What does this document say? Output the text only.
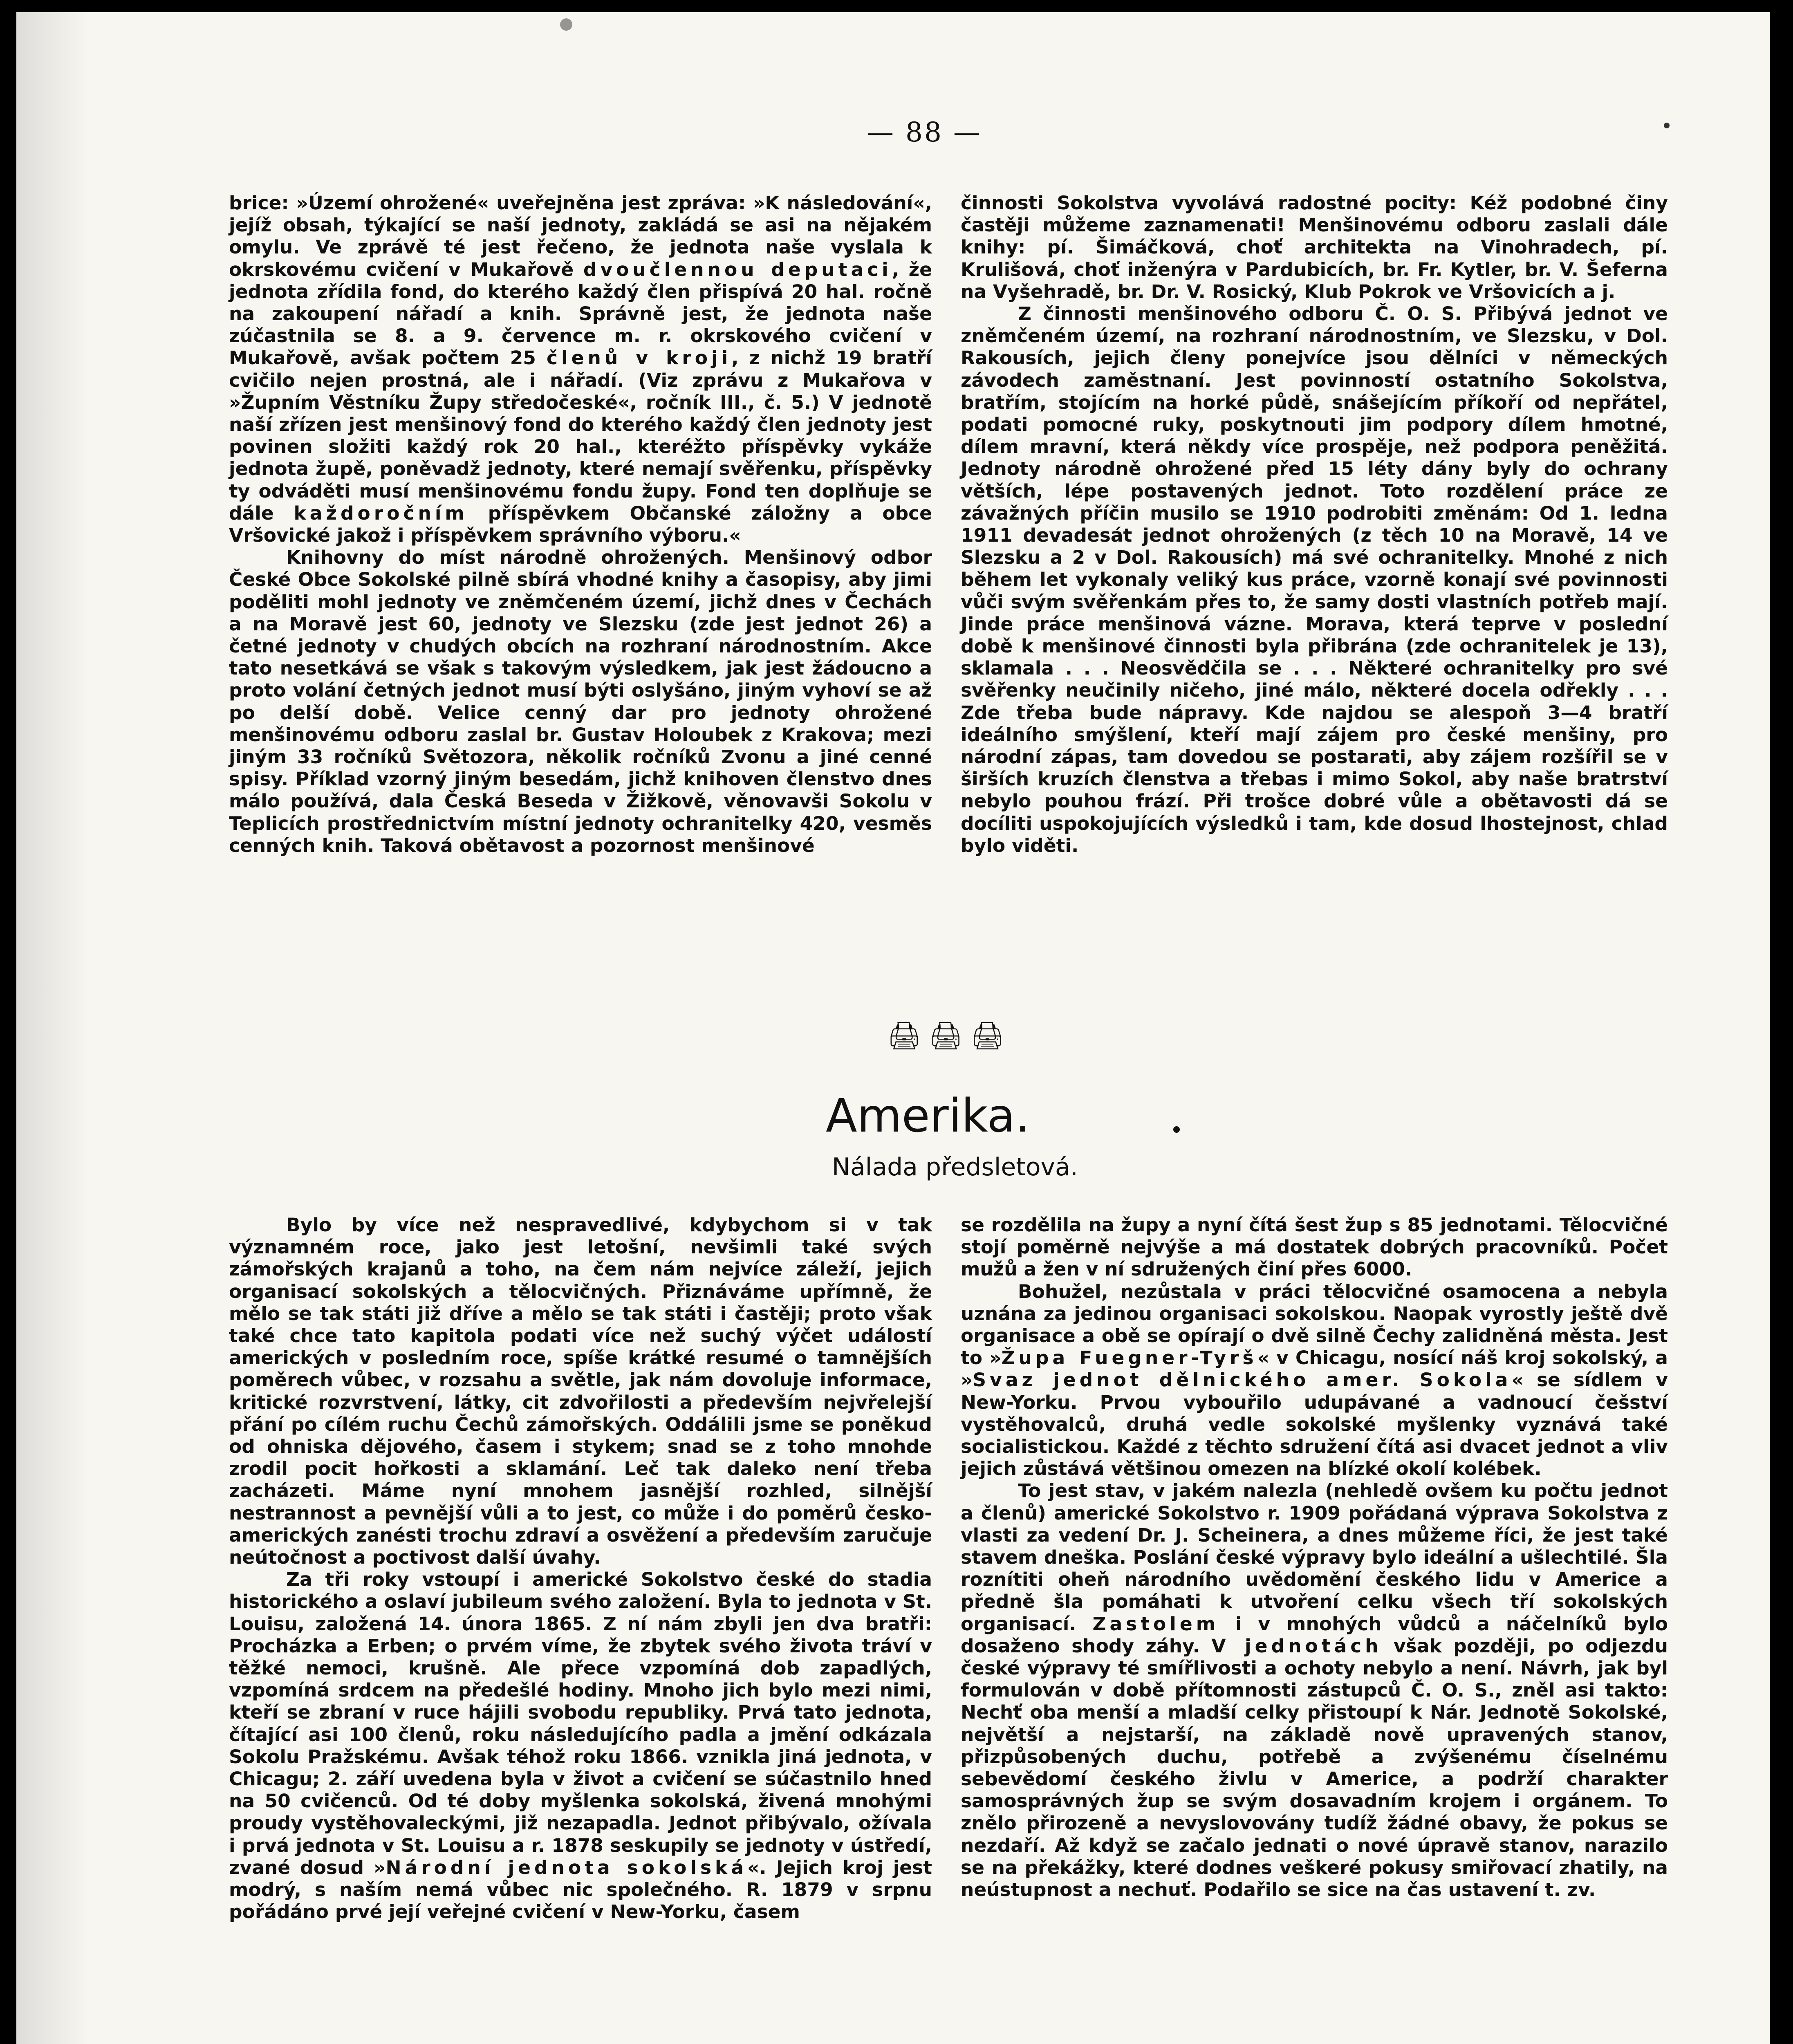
— 88 —

brice: »Území ohrožené« uveřejněna jest zpráva: »K následování«, jejíž obsah, týkající se naší jednoty, zakládá se asi na nějakém omylu. Ve zprávě té jest řečeno, že jednota naše vyslala k okrskovému cvičení v Mukařově dvoučlennou deputaci, že jednota zřídila fond, do kterého každý člen přispívá 20 hal. ročně na zakoupení nářadí a knih. Správně jest, že jednota naše zúčastnila se 8. a 9. července m. r. okrskového cvičení v Mukařově, avšak počtem 25 členů v kroji, z nichž 19 bratří cvičilo nejen prostná, ale i nářadí. (Viz zprávu z Mukařova v »Župním Věstníku Župy středočeské«, ročník III., č. 5.) V jednotě naší zřízen jest menšinový fond do kterého každý člen jednoty jest povinen složiti každý rok 20 hal., kteréžto příspěvky vykáže jednota župě, poněvadž jednoty, které nemají svěřenku, příspěvky ty odváděti musí menšinovému fondu župy. Fond ten doplňuje se dále každoročním příspěvkem Občanské záložny a obce Vršovické jakož i příspěvkem správního výboru.«

Knihovny do míst národně ohrožených. Menšinový odbor České Obce Sokolské pilně sbírá vhodné knihy a časopisy, aby jimi poděliti mohl jednoty ve zněmčeném území, jichž dnes v Čechách a na Moravě jest 60, jednoty ve Slezsku (zde jest jednot 26) a četné jednoty v chudých obcích na rozhraní národnostním. Akce tato nesetkává se však s takovým výsledkem, jak jest žádoucno a proto volání četných jednot musí býti oslyšáno, jiným vyhoví se až po delší době. Velice cenný dar pro jednoty ohrožené menšinovému odboru zaslal br. Gustav Holoubek z Krakova; mezi jiným 33 ročníků Světozora, několik ročníků Zvonu a jiné cenné spisy. Příklad vzorný jiným besedám, jichž knihoven členstvo dnes málo používá, dala Česká Beseda v Žižkově, věnovavši Sokolu v Teplicích prostřednictvím místní jednoty ochranitelky 420, vesměs cenných knih. Taková obětavost a pozornost menšinové

činnosti Sokolstva vyvolává radostné pocity: Kéž podobné činy častěji můžeme zaznamenati! Menšinovému odboru zaslali dále knihy: pí. Šimáčková, choť architekta na Vinohradech, pí. Krulišová, choť inženýra v Pardubicích, br. Fr. Kytler, br. V. Šeferna na Vyšehradě, br. Dr. V. Rosický, Klub Pokrok ve Vršovicích a j.

Z činnosti menšinového odboru Č. O. S. Přibývá jednot ve zněmčeném území, na rozhraní národnostním, ve Slezsku, v Dol. Rakousích, jejich členy ponejvíce jsou dělníci v německých závodech zaměstnaní. Jest povinností ostatního Sokolstva, bratřím, stojícím na horké půdě, snášejícím příkoří od nepřátel, podati pomocné ruky, poskytnouti jim podpory dílem hmotné, dílem mravní, která někdy více prospěje, než podpora peněžitá. Jednoty národně ohrožené před 15 léty dány byly do ochrany větších, lépe postavených jednot. Toto rozdělení práce ze závažných příčin musilo se 1910 podrobiti změnám: Od 1. ledna 1911 devadesát jednot ohrožených (z těch 10 na Moravě, 14 ve Slezsku a 2 v Dol. Rakousích) má své ochranitelky. Mnohé z nich během let vykonaly veliký kus práce, vzorně konají své povinnosti vůči svým svěřenkám přes to, že samy dosti vlastních potřeb mají. Jinde práce menšinová vázne. Morava, která teprve v poslední době k menšinové činnosti byla přibrána (zde ochranitelek je 13), sklamala . . . Neosvědčila se . . . Některé ochranitelky pro své svěřenky neučinily ničeho, jiné málo, některé docela odřekly . . . Zde třeba bude nápravy. Kde najdou se alespoň 3—4 bratří ideálního smýšlení, kteří mají zájem pro české menšiny, pro národní zápas, tam dovedou se postarati, aby zájem rozšířil se v širších kruzích členstva a třebas i mimo Sokol, aby naše bratrství nebylo pouhou frází. Při trošce dobré vůle a obětavosti dá se docíliti uspokojujících výsledků i tam, kde dosud lhostejnost, chlad bylo viděti.

🖨🖨🖨
Amerika.
Nálada předsletová.

Bylo by více než nespravedlivé, kdybychom si v tak významném roce, jako jest letošní, nevšimli také svých zámořských krajanů a toho, na čem nám nejvíce záleží, jejich organisací sokolských a tělocvičných. Přiznáváme upřímně, že mělo se tak státi již dříve a mělo se tak státi i častěji; proto však také chce tato kapitola podati více než suchý výčet událostí amerických v posledním roce, spíše krátké resumé o tamnějších poměrech vůbec, v rozsahu a světle, jak nám dovoluje informace, kritické rozvrstvení, látky, cit zdvořilosti a především nejvřelejší přání po cílém ruchu Čechů zámořských. Oddálili jsme se poněkud od ohniska dějového, časem i stykem; snad se z toho mnohde zrodil pocit hořkosti a sklamání. Leč tak daleko není třeba zacházeti. Máme nyní mnohem jasnější rozhled, silnější nestrannost a pevnější vůli a to jest, co může i do poměrů česko-amerických zanésti trochu zdraví a osvěžení a především zaručuje neútočnost a poctivost další úvahy.

Za tři roky vstoupí i americké Sokolstvo české do stadia historického a oslaví jubileum svého založení. Byla to jednota v St. Louisu, založená 14. února 1865. Z ní nám zbyli jen dva bratři: Procházka a Erben; o prvém víme, že zbytek svého života tráví v těžké nemoci, krušně. Ale přece vzpomíná dob zapadlých, vzpomíná srdcem na předešlé hodiny. Mnoho jich bylo mezi nimi, kteří se zbraní v ruce hájili svobodu republiky. Prvá tato jednota, čítající asi 100 členů, roku následujícího padla a jmění odkázala Sokolu Pražskému. Avšak téhož roku 1866. vznikla jiná jednota, v Chicagu; 2. září uvedena byla v život a cvičení se súčastnilo hned na 50 cvičenců. Od té doby myšlenka sokolská, živená mnohými proudy vystěhovaleckými, již nezapadla. Jednot přibývalo, ožívala i prvá jednota v St. Louisu a r. 1878 seskupily se jednoty v ústředí, zvané dosud »Národní jednota sokolská«. Jejich kroj jest modrý, s naším nemá vůbec nic společného. R. 1879 v srpnu pořádáno prvé její veřejné cvičení v New-Yorku, časem

se rozdělila na župy a nyní čítá šest žup s 85 jednotami. Tělocvičné stojí poměrně nejvýše a má dostatek dobrých pracovníků. Počet mužů a žen v ní sdružených činí přes 6000.

Bohužel, nezůstala v práci tělocvičné osamocena a nebyla uznána za jedinou organisaci sokolskou. Naopak vyrostly ještě dvě organisace a obě se opírají o dvě silně Čechy zalidněná města. Jest to »Župa Fuegner-Tyrš« v Chicagu, nosící náš kroj sokolský, a »Svaz jednot dělnického amer. Sokola« se sídlem v New-Yorku. Prvou vybouřilo udupávané a vadnoucí češství vystěhovalců, druhá vedle sokolské myšlenky vyznává také socialistickou. Každé z těchto sdružení čítá asi dvacet jednot a vliv jejich zůstává většinou omezen na blízké okolí kolébek.

To jest stav, v jakém nalezla (nehledě ovšem ku počtu jednot a členů) americké Sokolstvo r. 1909 pořádaná výprava Sokolstva z vlasti za vedení Dr. J. Scheinera, a dnes můžeme říci, že jest také stavem dneška. Poslání české výpravy bylo ideální a ušlechtilé. Šla roznítiti oheň národního uvědomění českého lidu v Americe a předně šla pomáhati k utvoření celku všech tří sokolských organisací. Zastolem i v mnohých vůdců a náčelníků bylo dosaženo shody záhy. V jednotách však později, po odjezdu české výpravy té smířlivosti a ochoty nebylo a není. Návrh, jak byl formulován v době přítomnosti zástupců Č. O. S., zněl asi takto: Nechť oba menší a mladší celky přistoupí k Nár. Jednotě Sokolské, největší a nejstarší, na základě nově upravených stanov, přizpůsobených duchu, potřebě a zvýšenému číselnému sebevědomí českého živlu v Americe, a podrží charakter samosprávných žup se svým dosavadním krojem i orgánem. To znělo přirozeně a nevyslovovány tudíž žádné obavy, že pokus se nezdaří. Až když se začalo jednati o nové úpravě stanov, narazilo se na překážky, které dodnes veškeré pokusy smiřovací zhatily, na neústupnost a nechuť. Podařilo se sice na čas ustavení t. zv.
